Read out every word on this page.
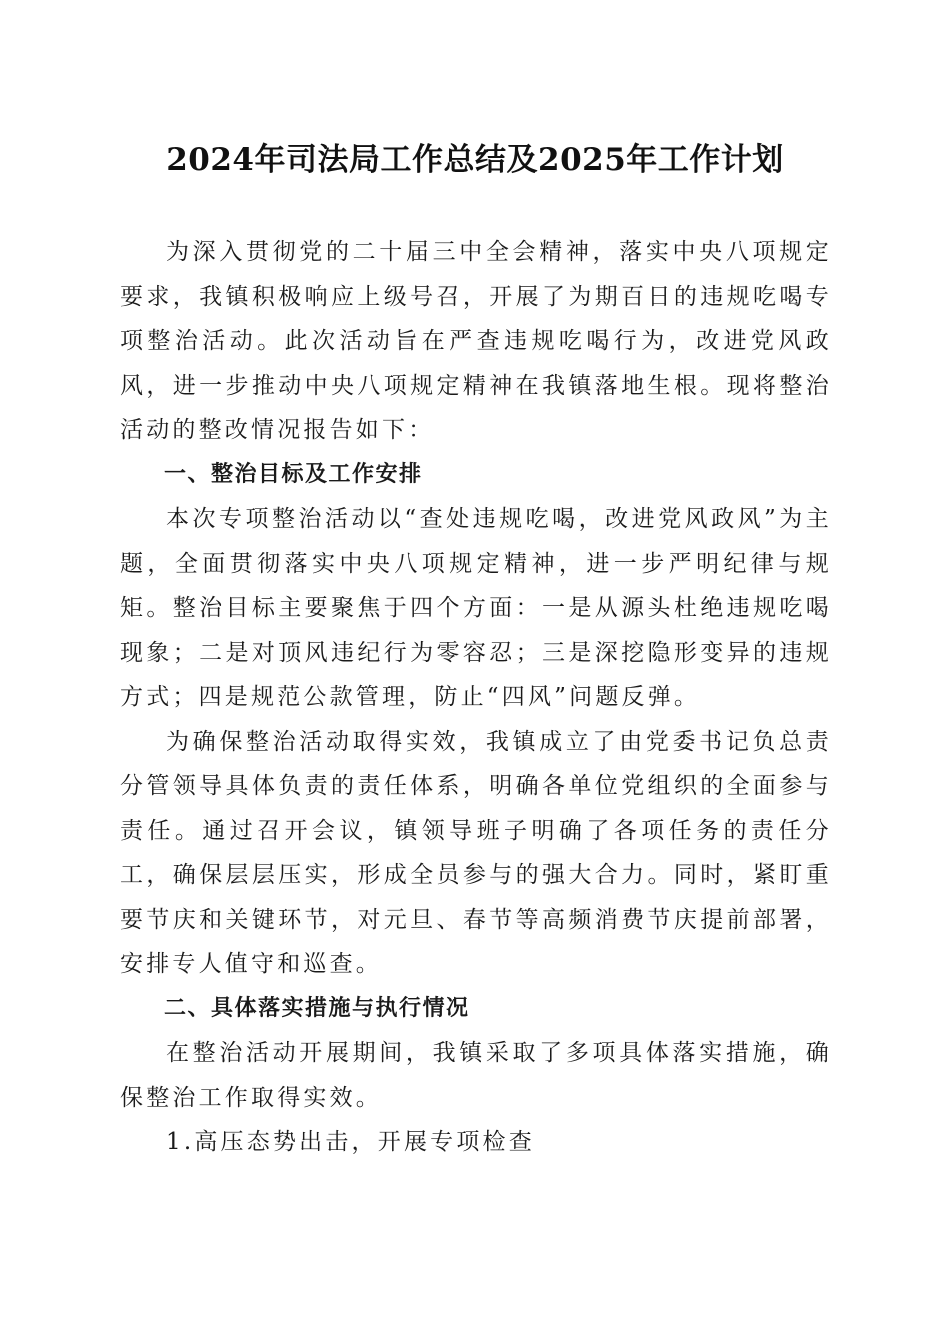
2024年司法局工作总结及2025年工作计划

为深入贯彻党的二十届三中全会精神，落实中央八项规定要求，我镇积极响应上级号召，开展了为期百日的违规吃喝专项整治活动。此次活动旨在严查违规吃喝行为，改进党风政风，进一步推动中央八项规定精神在我镇落地生根。现将整治活动的整改情况报告如下：

一、整治目标及工作安排

本次专项整治活动以“查处违规吃喝，改进党风政风”为主题，全面贯彻落实中央八项规定精神，进一步严明纪律与规矩。整治目标主要聚焦于四个方面：一是从源头杜绝违规吃喝现象；二是对顶风违纪行为零容忍；三是深挖隐形变异的违规方式；四是规范公款管理，防止“四风”问题反弹。

为确保整治活动取得实效，我镇成立了由党委书记负总责分管领导具体负责的责任体系，明确各单位党组织的全面参与责任。通过召开会议，镇领导班子明确了各项任务的责任分工，确保层层压实，形成全员参与的强大合力。同时，紧盯重要节庆和关键环节，对元旦、春节等高频消费节庆提前部署，安排专人值守和巡查。

二、具体落实措施与执行情况

在整治活动开展期间，我镇采取了多项具体落实措施，确保整治工作取得实效。

1.高压态势出击，开展专项检查
